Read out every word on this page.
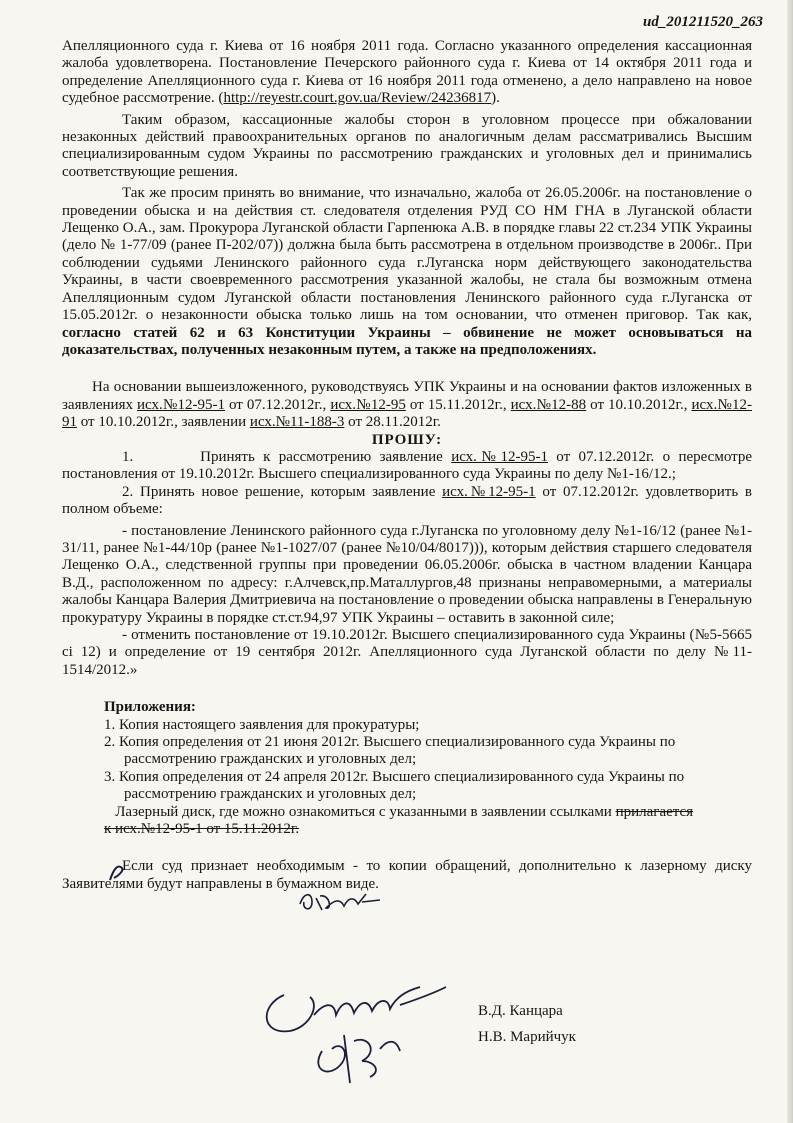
ud_201211520_263

Апелляционного суда г. Киева от 16 ноября 2011 года. Согласно указанного определения кассационная жалоба удовлетворена. Постановление Печерского районного суда г. Киева от 14 октября 2011 года и определение Апелляционного суда г. Киева от 16 ноября 2011 года отменено, а дело направлено на новое судебное рассмотрение. (http://reyestr.court.gov.ua/Review/24236817).

Таким образом, кассационные жалобы сторон в уголовном процессе при обжаловании незаконных действий правоохранительных органов по аналогичным делам рассматривались Высшим специализированным судом Украины по рассмотрению гражданских и уголовных дел и принимались соответствующие решения.

Так же просим принять во внимание, что изначально, жалоба от 26.05.2006г. на постановление о проведении обыска и на действия ст. следователя отделения РУД СО НМ ГНА в Луганской области Лещенко О.А., зам. Прокурора Луганской области Гарпенюка А.В. в порядке главы 22 ст.234 УПК Украины (дело № 1-77/09 (ранее П-202/07)) должна была быть рассмотрена в отдельном производстве в 2006г.. При соблюдении судьями Ленинского районного суда г.Луганска норм действующего законодательства Украины, в части своевременного рассмотрения указанной жалобы, не стала бы возможным отмена Апелляционным судом Луганской области постановления Ленинского районного суда г.Луганска от 15.05.2012г. о незаконности обыска только лишь на том основании, что отменен приговор. Так как, согласно статей 62 и 63 Конституции Украины – обвинение не может основываться на доказательствах, полученных незаконным путем, а также на предположениях.

На основании вышеизложенного, руководствуясь УПК Украины и на основании фактов изложенных в заявлениях исх.№12-95-1 от 07.12.2012г., исх.№12-95 от 15.11.2012г., исх.№12-88 от 10.10.2012г., исх.№12-91 от 10.10.2012г., заявлении исх.№11-188-3 от 28.11.2012г.

ПРОШУ:

1.	Принять к рассмотрению заявление исх.№12-95-1 от 07.12.2012г. о пересмотре постановления от 19.10.2012г. Высшего специализированного суда Украины по делу №1-16/12.;

2. Принять новое решение, которым заявление исх.№12-95-1 от 07.12.2012г. удовлетворить в полном объеме:

- постановление Ленинского районного суда г.Луганска по уголовному делу №1-16/12 (ранее №1-31/11, ранее №1-44/10р (ранее №1-1027/07 (ранее №10/04/8017))), которым действия старшего следователя Лещенко О.А., следственной группы при проведении 06.05.2006г. обыска в частном владении Канцара В.Д., расположенном по адресу: г.Алчевск,пр.Маталлургов,48 признаны неправомерными, а материалы жалобы Канцара Валерия Дмитриевича на постановление о проведении обыска направлены в Генеральную прокуратуру Украины в порядке ст.ст.94,97 УПК Украины – оставить в законной силе;

- отменить постановление от 19.10.2012г. Высшего специализированного суда Украины (№5-5665 сі 12) и определение от 19 сентября 2012г. Апелляционного суда Луганской области по делу №11-1514/2012.»

Приложения:

1. Копия настоящего заявления для прокуратуры;
2. Копия определения от 21 июня 2012г. Высшего специализированного суда Украины по
рассмотрению гражданских и уголовных дел;
3. Копия определения от 24 апреля 2012г. Высшего специализированного суда Украины по
рассмотрению гражданских и уголовных дел;
Лазерный диск, где можно ознакомиться с указанными в заявлении ссылками прилагается
к исх.№12-95-1 от 15.11.2012г.

Если суд признает необходимым - то копии обращений, дополнительно к лазерному диску Заявителями будут направлены в бумажном виде.

В.Д. Канцара
Н.В. Марийчук
